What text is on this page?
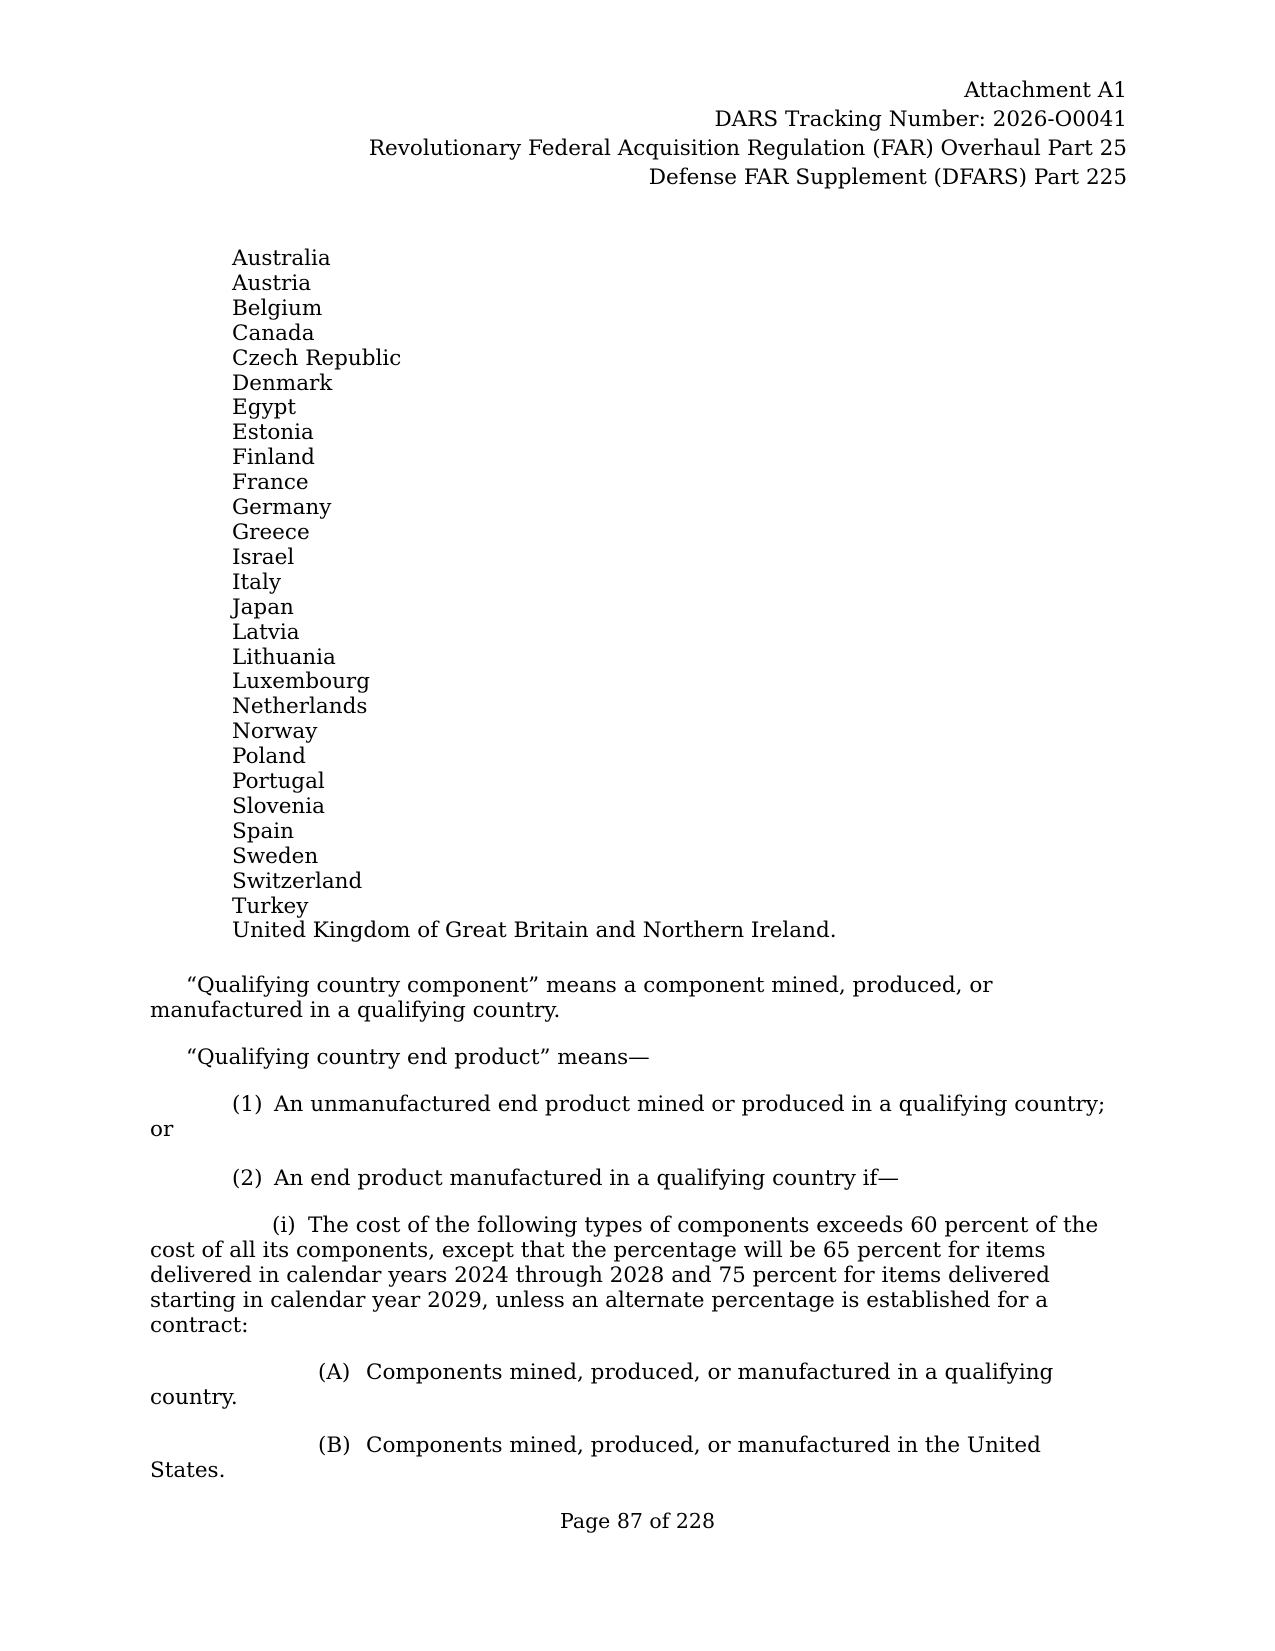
Attachment A1
DARS Tracking Number: 2026-O0041
Revolutionary Federal Acquisition Regulation (FAR) Overhaul Part 25
Defense FAR Supplement (DFARS) Part 225
Australia
Austria
Belgium
Canada
Czech Republic
Denmark
Egypt
Estonia
Finland
France
Germany
Greece
Israel
Italy
Japan
Latvia
Lithuania
Luxembourg
Netherlands
Norway
Poland
Portugal
Slovenia
Spain
Sweden
Switzerland
Turkey
United Kingdom of Great Britain and Northern Ireland.

“Qualifying country component” means a component mined, produced, or manufactured in a qualifying country.

“Qualifying country end product” means—

(1) An unmanufactured end product mined or produced in a qualifying country; or

(2) An end product manufactured in a qualifying country if—

(i) The cost of the following types of components exceeds 60 percent of the cost of all its components, except that the percentage will be 65 percent for items delivered in calendar years 2024 through 2028 and 75 percent for items delivered starting in calendar year 2029, unless an alternate percentage is established for a contract:

(A) Components mined, produced, or manufactured in a qualifying country.

(B) Components mined, produced, or manufactured in the United States.

Page 87 of 228
